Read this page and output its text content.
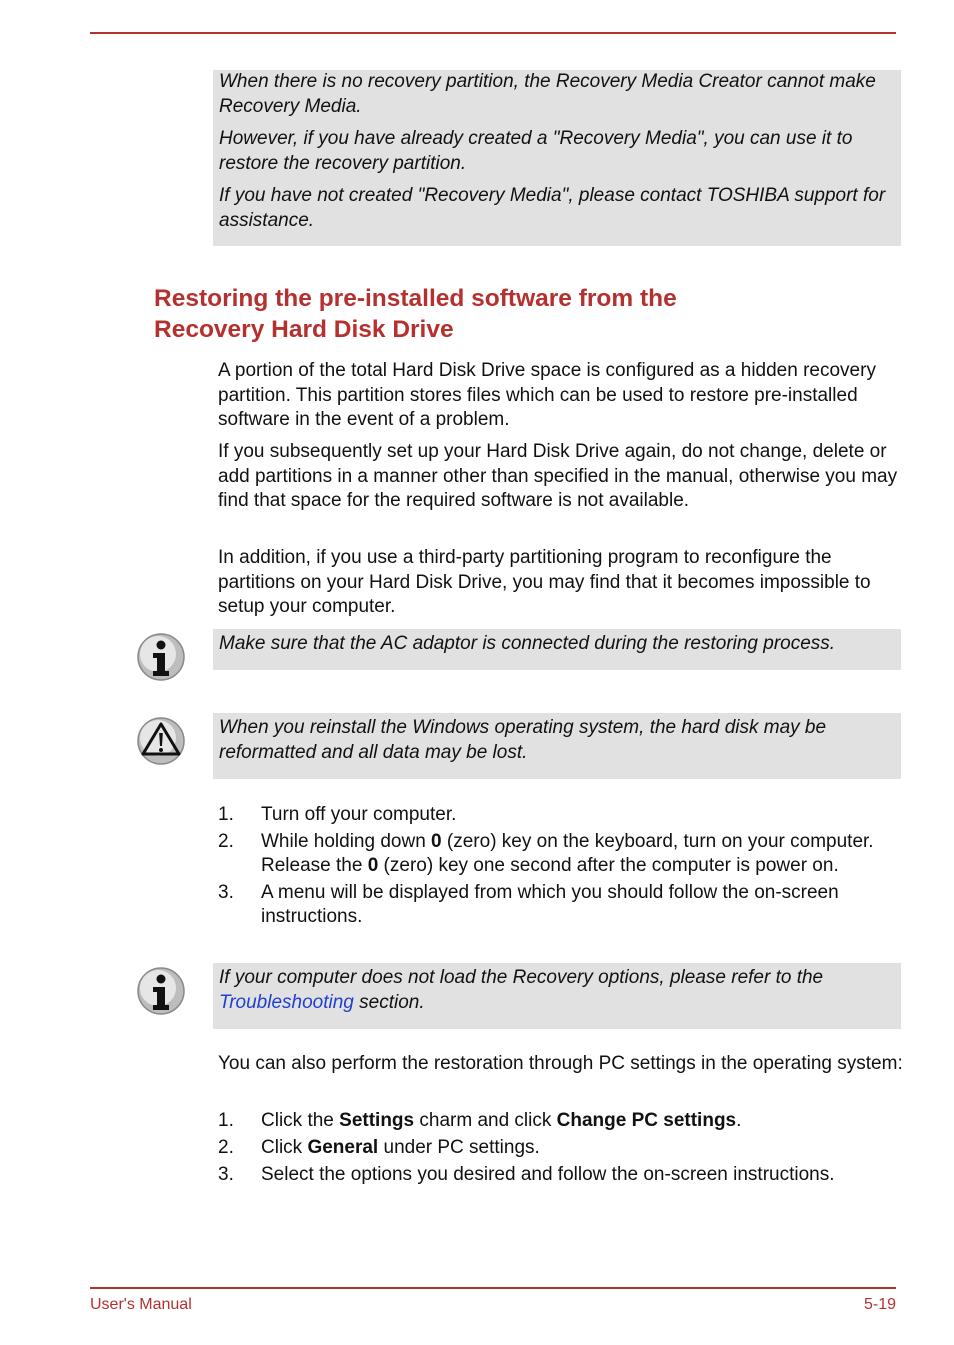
When there is no recovery partition, the Recovery Media Creator cannot make Recovery Media.

However, if you have already created a "Recovery Media", you can use it to restore the recovery partition.

If you have not created "Recovery Media", please contact TOSHIBA support for assistance.

Restoring the pre-installed software from the
Recovery Hard Disk Drive

A portion of the total Hard Disk Drive space is configured as a hidden recovery partition. This partition stores files which can be used to restore pre-installed software in the event of a problem.

If you subsequently set up your Hard Disk Drive again, do not change, delete or add partitions in a manner other than specified in the manual, otherwise you may find that space for the required software is not available.

In addition, if you use a third-party partitioning program to reconfigure the partitions on your Hard Disk Drive, you may find that it becomes impossible to setup your computer.

Make sure that the AC adaptor is connected during the restoring process.

When you reinstall the Windows operating system, the hard disk may be reformatted and all data may be lost.

1. Turn off your computer.
2. While holding down 0 (zero) key on the keyboard, turn on your computer. Release the 0 (zero) key one second after the computer is power on.
3. A menu will be displayed from which you should follow the on-screen instructions.

If your computer does not load the Recovery options, please refer to the Troubleshooting section.

You can also perform the restoration through PC settings in the operating system:

1. Click the Settings charm and click Change PC settings.
2. Click General under PC settings.
3. Select the options you desired and follow the on-screen instructions.
User's Manual	5-19
